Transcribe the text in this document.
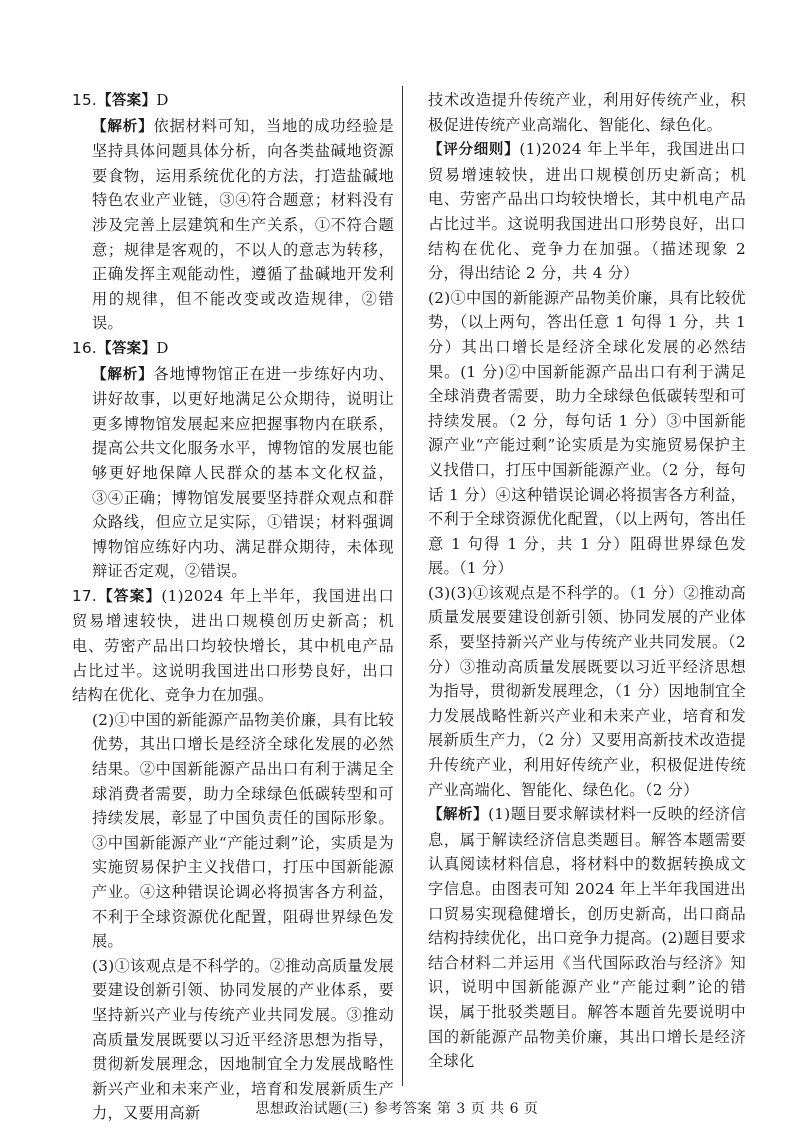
15.【答案】D

【解析】依据材料可知，当地的成功经验是坚持具体问题具体分析，向各类盐碱地资源要食物，运用系统优化的方法，打造盐碱地特色农业产业链，③④符合题意；材料没有涉及完善上层建筑和生产关系，①不符合题意；规律是客观的，不以人的意志为转移，正确发挥主观能动性，遵循了盐碱地开发利用的规律，但不能改变或改造规律，②错误。

16.【答案】D

【解析】各地博物馆正在进一步练好内功、讲好故事，以更好地满足公众期待，说明让更多博物馆发展起来应把握事物内在联系，提高公共文化服务水平，博物馆的发展也能够更好地保障人民群众的基本文化权益，③④正确；博物馆发展要坚持群众观点和群众路线，但应立足实际，①错误；材料强调博物馆应练好内功、满足群众期待，未体现辩证否定观，②错误。

17.【答案】(1)2024 年上半年，我国进出口贸易增速较快，进出口规模创历史新高；机电、劳密产品出口均较快增长，其中机电产品占比过半。这说明我国进出口形势良好，出口结构在优化、竞争力在加强。

(2)①中国的新能源产品物美价廉，具有比较优势，其出口增长是经济全球化发展的必然结果。②中国新能源产品出口有利于满足全球消费者需要，助力全球绿色低碳转型和可持续发展，彰显了中国负责任的国际形象。③中国新能源产业“产能过剩”论，实质是为实施贸易保护主义找借口，打压中国新能源产业。④这种错误论调必将损害各方利益，不利于全球资源优化配置，阻碍世界绿色发展。

(3)①该观点是不科学的。②推动高质量发展要建设创新引领、协同发展的产业体系，要坚持新兴产业与传统产业共同发展。③推动高质量发展既要以习近平经济思想为指导，贯彻新发展理念，因地制宜全力发展战略性新兴产业和未来产业，培育和发展新质生产力，又要用高新

技术改造提升传统产业，利用好传统产业，积极促进传统产业高端化、智能化、绿色化。

【评分细则】(1)2024 年上半年，我国进出口贸易增速较快，进出口规模创历史新高；机电、劳密产品出口均较快增长，其中机电产品占比过半。这说明我国进出口形势良好，出口结构在优化、竞争力在加强。（描述现象 2 分，得出结论 2 分，共 4 分）

(2)①中国的新能源产品物美价廉，具有比较优势，（以上两句，答出任意 1 句得 1 分，共 1 分）其出口增长是经济全球化发展的必然结果。(1 分)②中国新能源产品出口有利于满足全球消费者需要，助力全球绿色低碳转型和可持续发展。（2 分，每句话 1 分）③中国新能源产业“产能过剩”论实质是为实施贸易保护主义找借口，打压中国新能源产业。（2 分，每句话 1 分）④这种错误论调必将损害各方利益，不利于全球资源优化配置，（以上两句，答出任意 1 句得 1 分，共 1 分）阻碍世界绿色发展。（1 分）

(3)(3)①该观点是不科学的。（1 分）②推动高质量发展要建设创新引领、协同发展的产业体系，要坚持新兴产业与传统产业共同发展。（2 分）③推动高质量发展既要以习近平经济思想为指导，贯彻新发展理念，（1 分）因地制宜全力发展战略性新兴产业和未来产业，培育和发展新质生产力，（2 分）又要用高新技术改造提升传统产业，利用好传统产业，积极促进传统产业高端化、智能化、绿色化。（2 分）

【解析】(1)题目要求解读材料一反映的经济信息，属于解读经济信息类题目。解答本题需要认真阅读材料信息，将材料中的数据转换成文字信息。由图表可知 2024 年上半年我国进出口贸易实现稳健增长，创历史新高，出口商品结构持续优化，出口竞争力提高。(2)题目要求结合材料二并运用《当代国际政治与经济》知识，说明中国新能源产业“产能过剩”论的错误，属于批驳类题目。解答本题首先要说明中国的新能源产品物美价廉，其出口增长是经济全球化

思想政治试题(三) 参考答案 第 3 页 共 6 页
